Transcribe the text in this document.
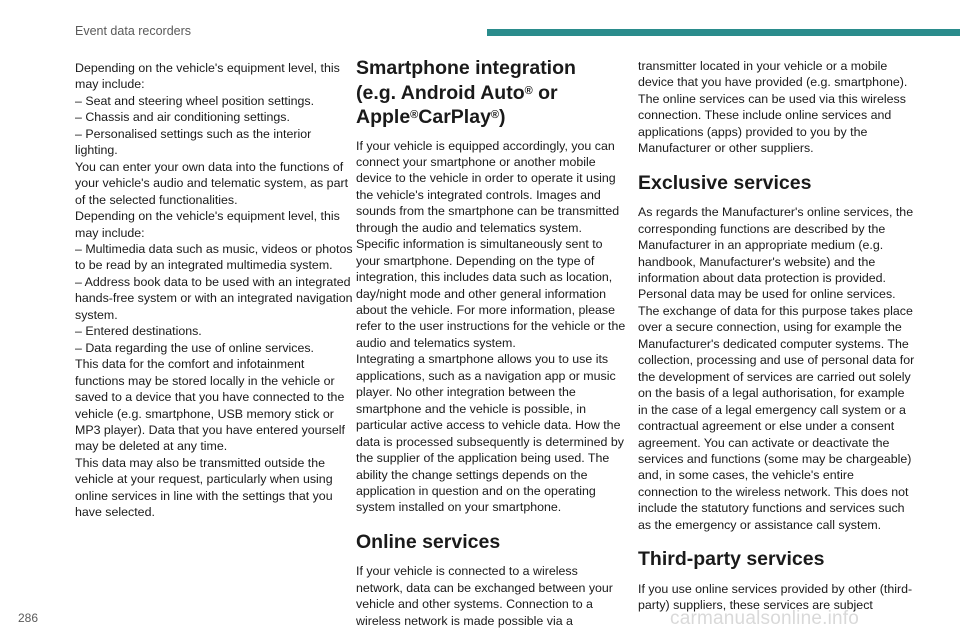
Event data recorders

Depending on the vehicle's equipment level, this may include:

– Seat and steering wheel position settings.

– Chassis and air conditioning settings.

– Personalised settings such as the interior lighting.

You can enter your own data into the functions of your vehicle's audio and telematic system, as part of the selected functionalities.

Depending on the vehicle's equipment level, this may include:

– Multimedia data such as music, videos or photos to be read by an integrated multimedia system.

– Address book data to be used with an integrated hands-free system or with an integrated navigation system.

– Entered destinations.

– Data regarding the use of online services.

This data for the comfort and infotainment functions may be stored locally in the vehicle or saved to a device that you have connected to the vehicle (e.g. smartphone, USB memory stick or MP3 player). Data that you have entered yourself may be deleted at any time.

This data may also be transmitted outside the vehicle at your request, particularly when using online services in line with the settings that you have selected.

Smartphone integration
(e.g. Android Auto® or
Apple®CarPlay®)

If your vehicle is equipped accordingly, you can connect your smartphone or another mobile device to the vehicle in order to operate it using the vehicle's integrated controls. Images and sounds from the smartphone can be transmitted through the audio and telematics system. Specific information is simultaneously sent to your smartphone. Depending on the type of integration, this includes data such as location, day/night mode and other general information about the vehicle. For more information, please refer to the user instructions for the vehicle or the audio and telematics system.

Integrating a smartphone allows you to use its applications, such as a navigation app or music player. No other integration between the smartphone and the vehicle is possible, in particular active access to vehicle data. How the data is processed subsequently is determined by the supplier of the application being used. The ability the change settings depends on the application in question and on the operating system installed on your smartphone.

Online services

If your vehicle is connected to a wireless network, data can be exchanged between your vehicle and other systems. Connection to a wireless network is made possible via a

transmitter located in your vehicle or a mobile device that you have provided (e.g. smartphone). The online services can be used via this wireless connection. These include online services and applications (apps) provided to you by the Manufacturer or other suppliers.

Exclusive services

As regards the Manufacturer's online services, the corresponding functions are described by the Manufacturer in an appropriate medium (e.g. handbook, Manufacturer's website) and the information about data protection is provided. Personal data may be used for online services. The exchange of data for this purpose takes place over a secure connection, using for example the Manufacturer's dedicated computer systems. The collection, processing and use of personal data for the development of services are carried out solely on the basis of a legal authorisation, for example in the case of a legal emergency call system or a contractual agreement or else under a consent agreement. You can activate or deactivate the services and functions (some may be chargeable) and, in some cases, the vehicle's entire connection to the wireless network. This does not include the statutory functions and services such as the emergency or assistance call system.

Third-party services

If you use online services provided by other (third-party) suppliers, these services are subject

286	carmanualsonline.info
